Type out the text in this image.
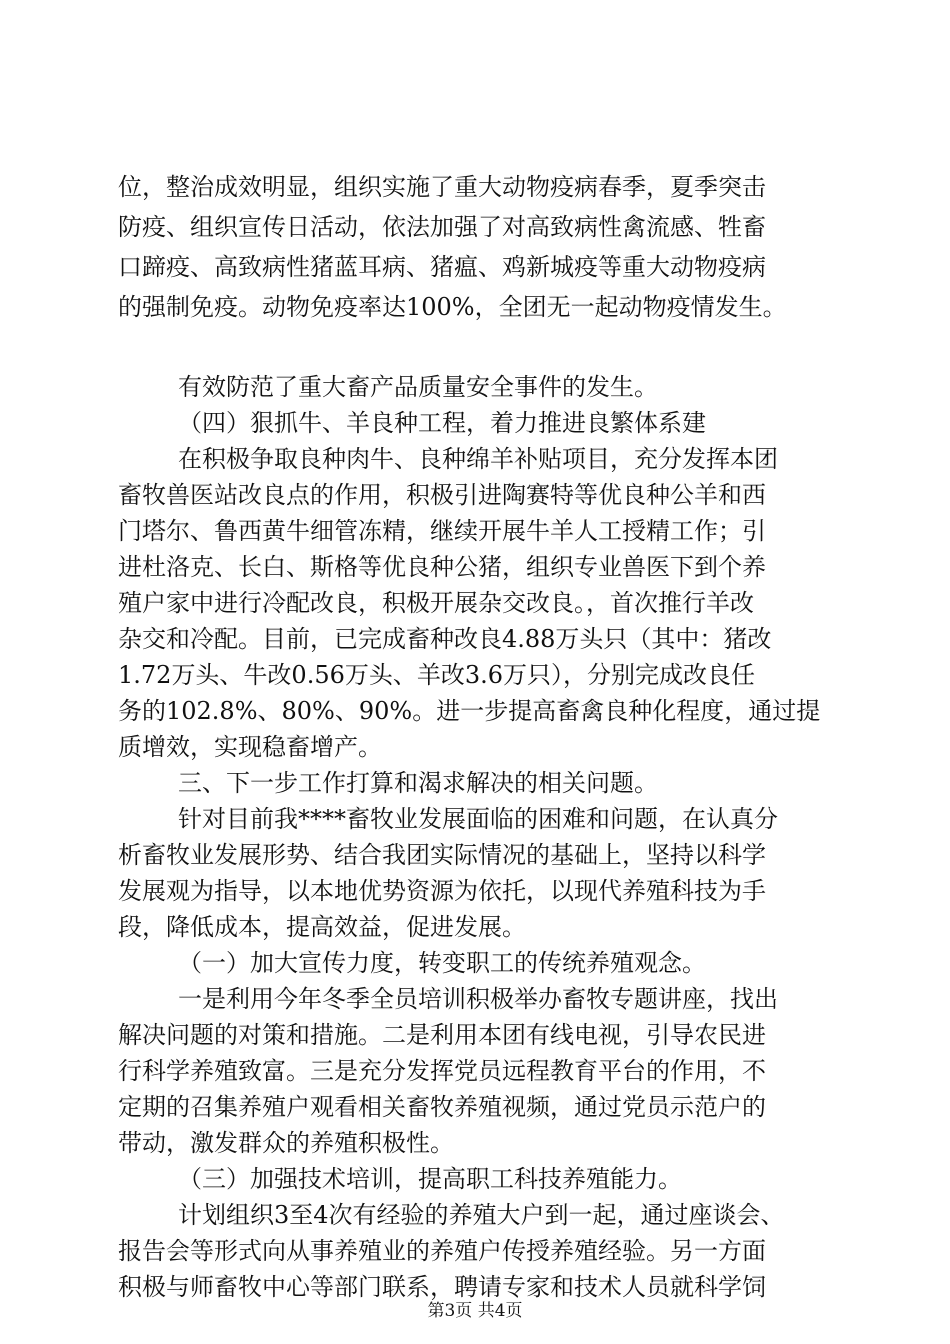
位，整治成效明显，组织实施了重大动物疫病春季，夏季突击
防疫、组织宣传日活动，依法加强了对高致病性禽流感、牲畜
口蹄疫、高致病性猪蓝耳病、猪瘟、鸡新城疫等重大动物疫病
的强制免疫。动物免疫率达100%，全团无一起动物疫情发生。
有效防范了重大畜产品质量安全事件的发生。
（四）狠抓牛、羊良种工程，着力推进良繁体系建
在积极争取良种肉牛、良种绵羊补贴项目，充分发挥本团
畜牧兽医站改良点的作用，积极引进陶赛特等优良种公羊和西
门塔尔、鲁西黄牛细管冻精，继续开展牛羊人工授精工作；引
进杜洛克、长白、斯格等优良种公猪，组织专业兽医下到个养
殖户家中进行冷配改良，积极开展杂交改良。，首次推行羊改
杂交和冷配。目前，已完成畜种改良4.88万头只（其中：猪改
1.72万头、牛改0.56万头、羊改3.6万只），分别完成改良任
务的102.8%、80%、90%。进一步提高畜禽良种化程度，通过提
质增效，实现稳畜增产。
三、下一步工作打算和渴求解决的相关问题。
针对目前我****畜牧业发展面临的困难和问题，在认真分
析畜牧业发展形势、结合我团实际情况的基础上，坚持以科学
发展观为指导，以本地优势资源为依托，以现代养殖科技为手
段，降低成本，提高效益，促进发展。
（一）加大宣传力度，转变职工的传统养殖观念。
一是利用今年冬季全员培训积极举办畜牧专题讲座，找出
解决问题的对策和措施。二是利用本团有线电视，引导农民进
行科学养殖致富。三是充分发挥党员远程教育平台的作用，不
定期的召集养殖户观看相关畜牧养殖视频，通过党员示范户的
带动，激发群众的养殖积极性。
（三）加强技术培训，提高职工科技养殖能力。
计划组织3至4次有经验的养殖大户到一起，通过座谈会、
报告会等形式向从事养殖业的养殖户传授养殖经验。另一方面
积极与师畜牧中心等部门联系，聘请专家和技术人员就科学饲
第3页 共4页
